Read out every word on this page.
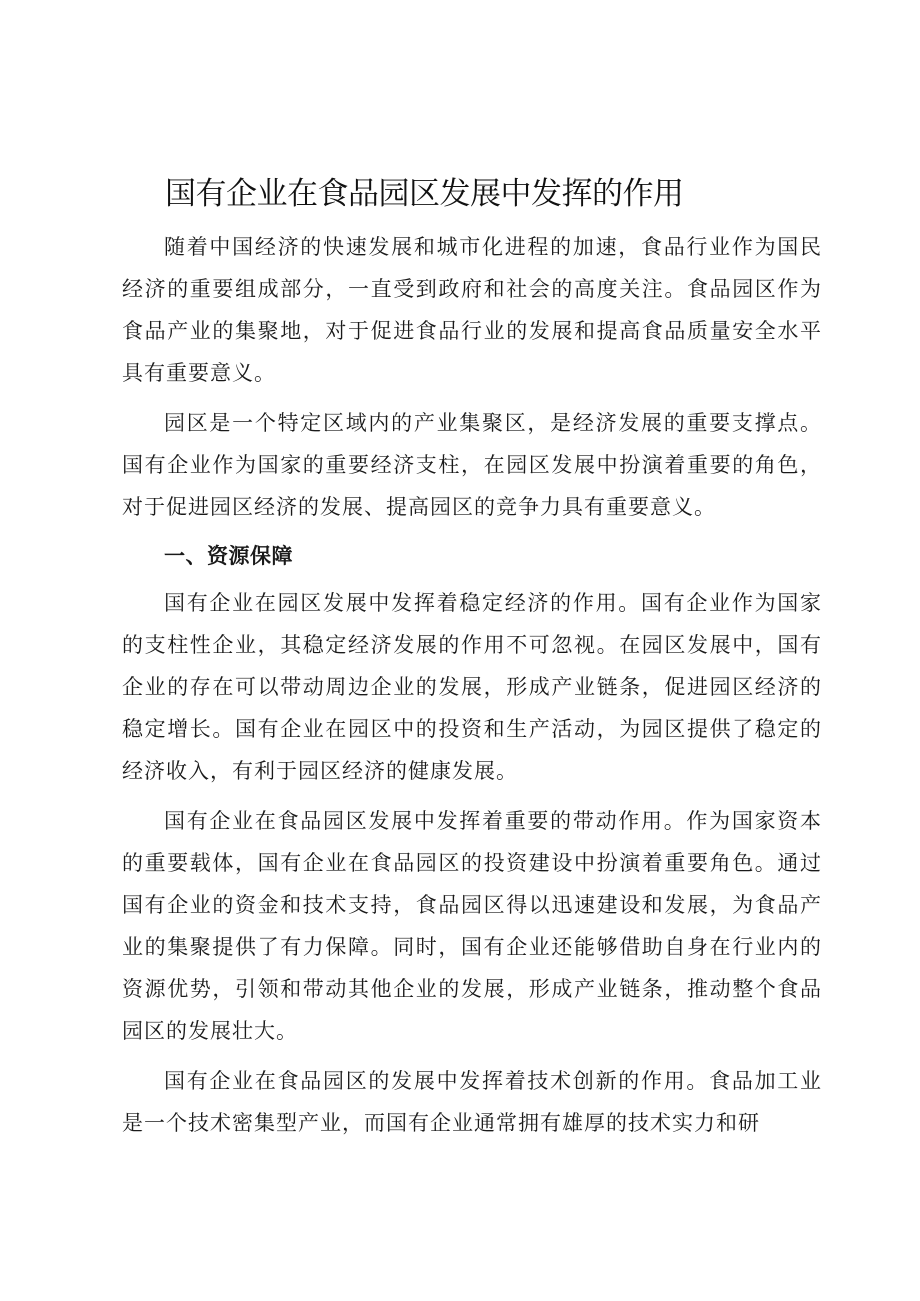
国有企业在食品园区发展中发挥的作用

随着中国经济的快速发展和城市化进程的加速，食品行业作为国民经济的重要组成部分，一直受到政府和社会的高度关注。食品园区作为食品产业的集聚地，对于促进食品行业的发展和提高食品质量安全水平具有重要意义。

园区是一个特定区域内的产业集聚区，是经济发展的重要支撑点。国有企业作为国家的重要经济支柱，在园区发展中扮演着重要的角色，对于促进园区经济的发展、提高园区的竞争力具有重要意义。

一、资源保障

国有企业在园区发展中发挥着稳定经济的作用。国有企业作为国家的支柱性企业，其稳定经济发展的作用不可忽视。在园区发展中，国有企业的存在可以带动周边企业的发展，形成产业链条，促进园区经济的稳定增长。国有企业在园区中的投资和生产活动，为园区提供了稳定的经济收入，有利于园区经济的健康发展。

国有企业在食品园区发展中发挥着重要的带动作用。作为国家资本的重要载体，国有企业在食品园区的投资建设中扮演着重要角色。通过国有企业的资金和技术支持，食品园区得以迅速建设和发展，为食品产业的集聚提供了有力保障。同时，国有企业还能够借助自身在行业内的资源优势，引领和带动其他企业的发展，形成产业链条，推动整个食品园区的发展壮大。

国有企业在食品园区的发展中发挥着技术创新的作用。食品加工业是一个技术密集型产业，而国有企业通常拥有雄厚的技术实力和研
